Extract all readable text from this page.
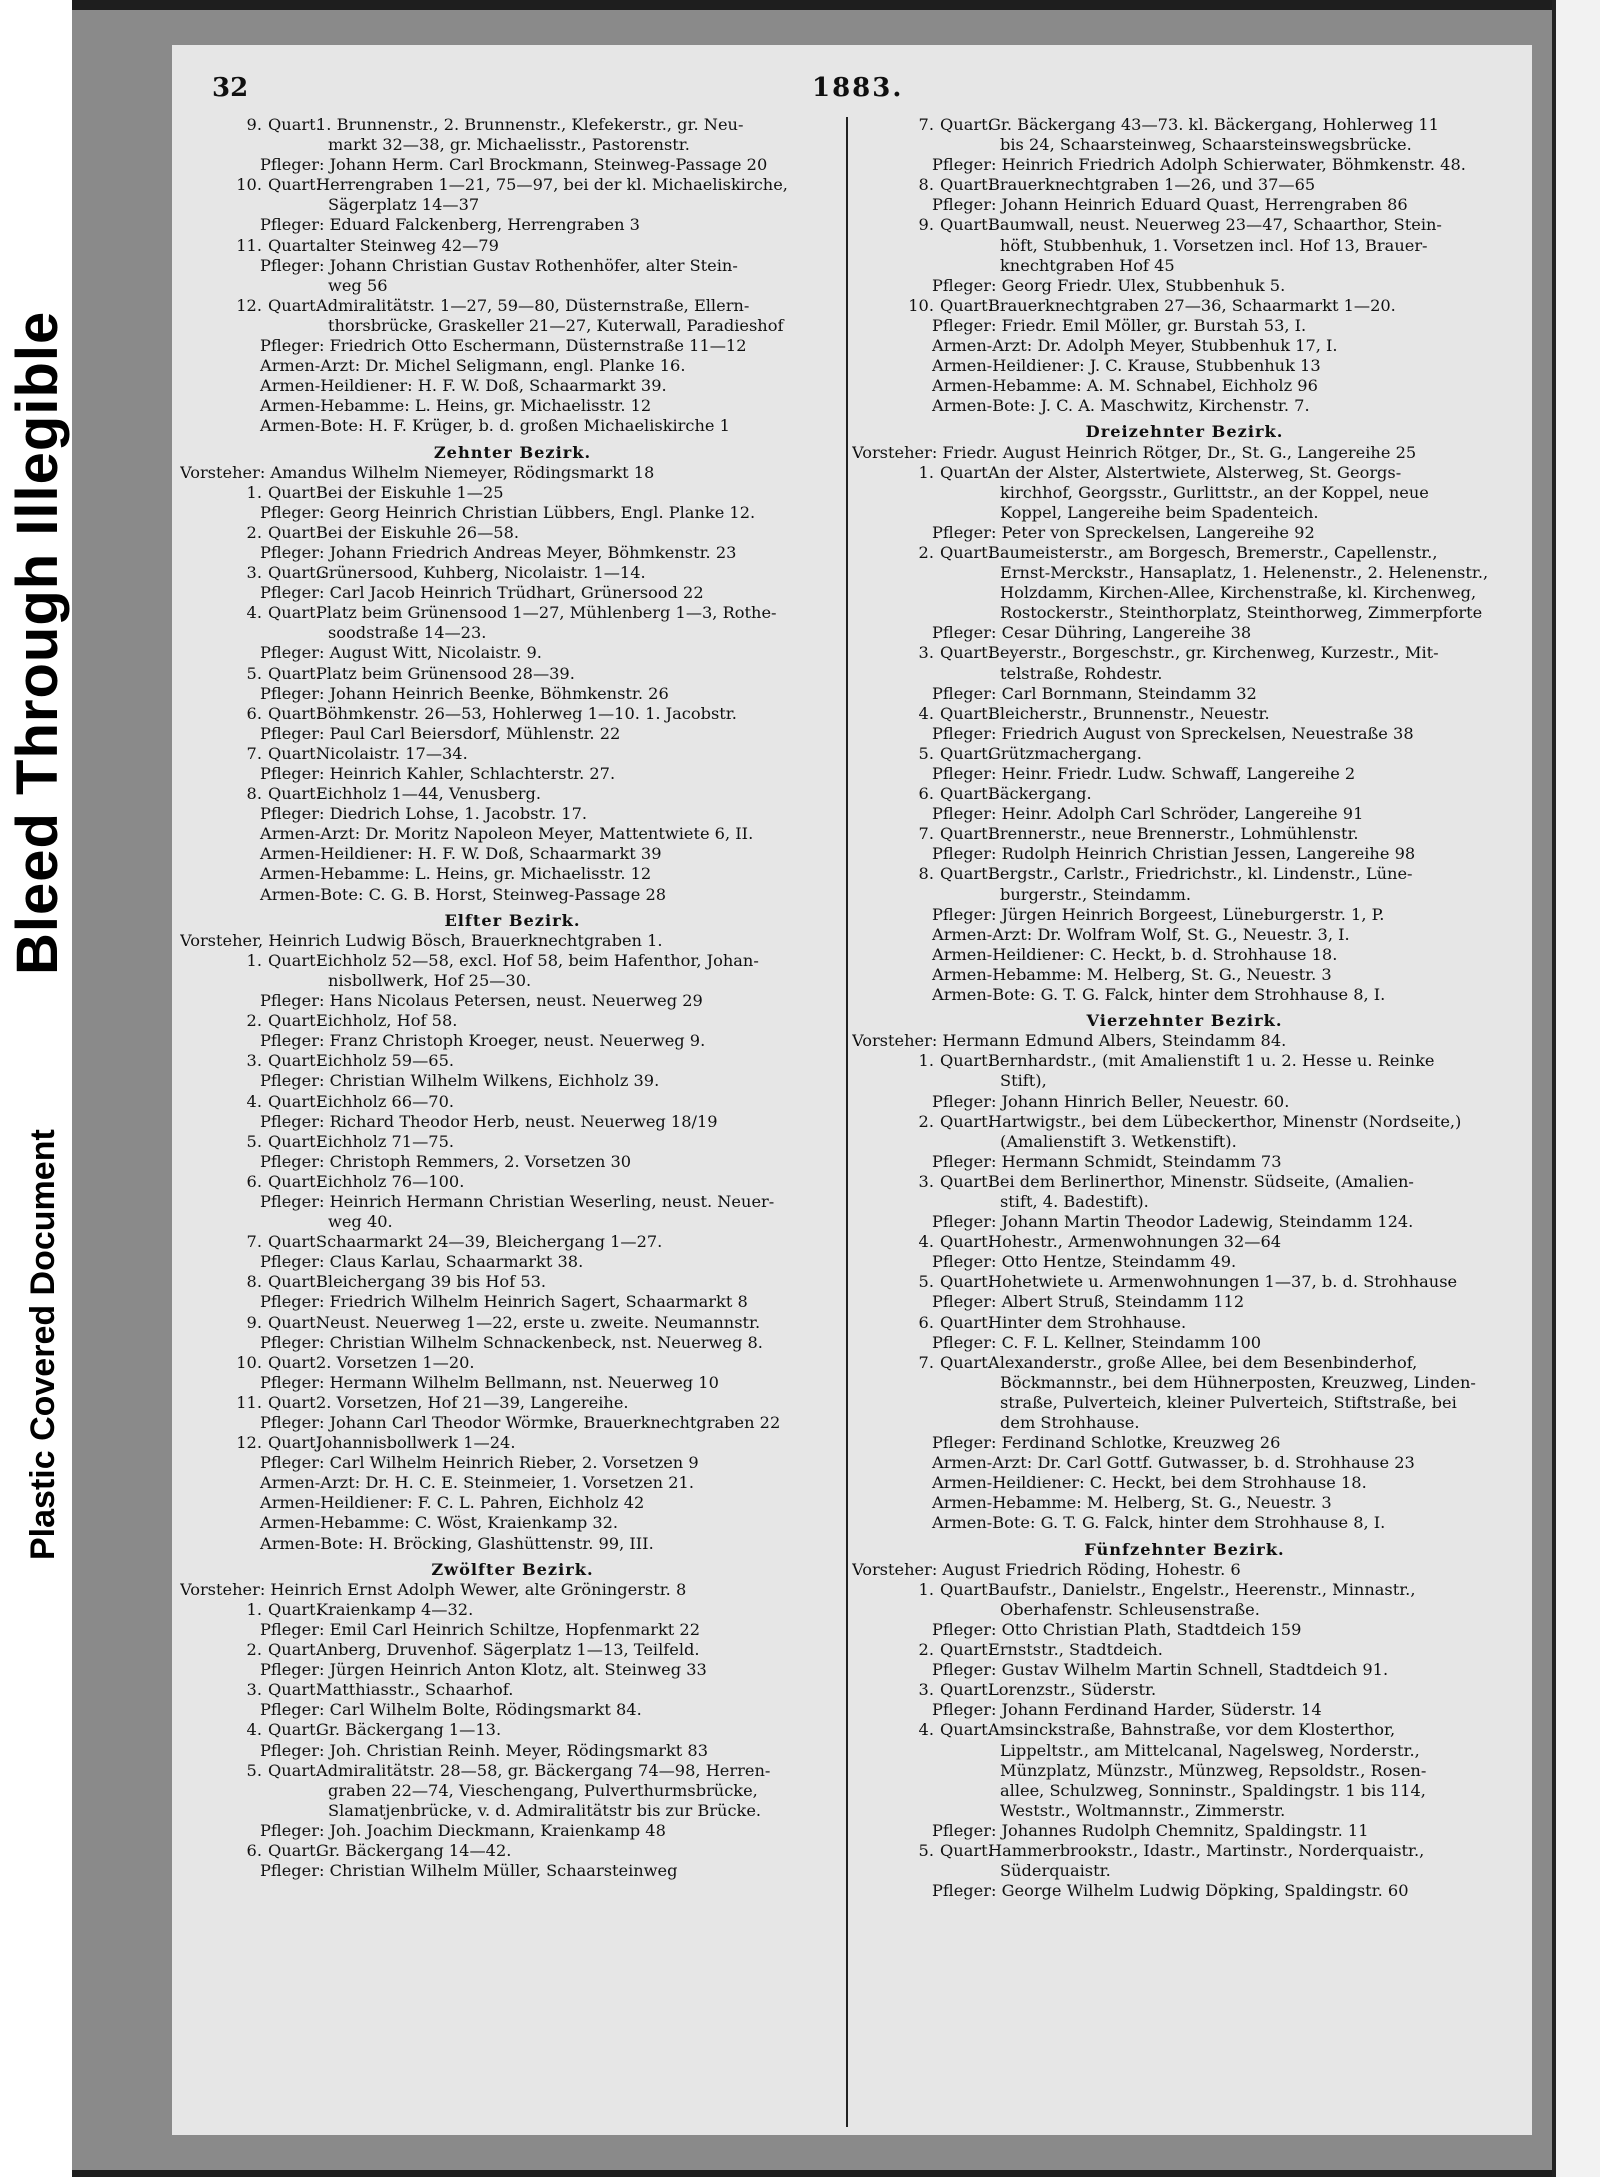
Bleed Through Illegible
Plastic Covered Document
32	1883.
9. Quart.1. Brunnenstr., 2. Brunnenstr., Klefekerstr., gr. Neu-
markt 32—38, gr. Michaelisstr., Pastorenstr.
Pfleger: Johann Herm. Carl Brockmann, Steinweg-Passage 20
10. Quart.Herrengraben 1—21, 75—97, bei der kl. Michaeliskirche,
Sägerplatz 14—37
Pfleger: Eduard Falckenberg, Herrengraben 3
11. Quart.alter Steinweg 42—79
Pfleger: Johann Christian Gustav Rothenhöfer, alter Stein-
weg 56
12. Quart.Admiralitätstr. 1—27, 59—80, Düsternstraße, Ellern-
thorsbrücke, Graskeller 21—27, Kuterwall, Paradieshof
Pfleger: Friedrich Otto Eschermann, Düsternstraße 11—12
Armen-Arzt: Dr. Michel Seligmann, engl. Planke 16.
Armen-Heildiener: H. F. W. Doß, Schaarmarkt 39.
Armen-Hebamme: L. Heins, gr. Michaelisstr. 12
Armen-Bote: H. F. Krüger, b. d. großen Michaeliskirche 1
Zehnter Bezirk.
Vorsteher: Amandus Wilhelm Niemeyer, Rödingsmarkt 18
1. Quart.Bei der Eiskuhle 1—25
Pfleger: Georg Heinrich Christian Lübbers, Engl. Planke 12.
2. Quart.Bei der Eiskuhle 26—58.
Pfleger: Johann Friedrich Andreas Meyer, Böhmkenstr. 23
3. Quart.:Grünersood, Kuhberg, Nicolaistr. 1—14.
Pfleger: Carl Jacob Heinrich Trüdhart, Grünersood 22
4. Quart.Platz beim Grünensood 1—27, Mühlenberg 1—3, Rothe-
soodstraße 14—23.
Pfleger: August Witt, Nicolaistr. 9.
5. Quart.Platz beim Grünensood 28—39.
Pfleger: Johann Heinrich Beenke, Böhmkenstr. 26
6. Quart.Böhmkenstr. 26—53, Hohlerweg 1—10. 1. Jacobstr.
Pfleger: Paul Carl Beiersdorf, Mühlenstr. 22
7. Quart.Nicolaistr. 17—34.
Pfleger: Heinrich Kahler, Schlachterstr. 27.
8. Quart.Eichholz 1—44, Venusberg.
Pfleger: Diedrich Lohse, 1. Jacobstr. 17.
Armen-Arzt: Dr. Moritz Napoleon Meyer, Mattentwiete 6, II.
Armen-Heildiener: H. F. W. Doß, Schaarmarkt 39
Armen-Hebamme: L. Heins, gr. Michaelisstr. 12
Armen-Bote: C. G. B. Horst, Steinweg-Passage 28
Elfter Bezirk.
Vorsteher, Heinrich Ludwig Bösch, Brauerknechtgraben 1.
1. Quart.Eichholz 52—58, excl. Hof 58, beim Hafenthor, Johan-
nisbollwerk, Hof 25—30.
Pfleger: Hans Nicolaus Petersen, neust. Neuerweg 29
2. Quart.Eichholz, Hof 58.
Pfleger: Franz Christoph Kroeger, neust. Neuerweg 9.
3. Quart.Eichholz 59—65.
Pfleger: Christian Wilhelm Wilkens, Eichholz 39.
4. Quart.Eichholz 66—70.
Pfleger: Richard Theodor Herb, neust. Neuerweg 18/19
5. Quart.Eichholz 71—75.
Pfleger: Christoph Remmers, 2. Vorsetzen 30
6. Quart.Eichholz 76—100.
Pfleger: Heinrich Hermann Christian Weserling, neust. Neuer-
weg 40.
7. Quart.Schaarmarkt 24—39, Bleichergang 1—27.
Pfleger: Claus Karlau, Schaarmarkt 38.
8. Quart.Bleichergang 39 bis Hof 53.
Pfleger: Friedrich Wilhelm Heinrich Sagert, Schaarmarkt 8
9. Quart.Neust. Neuerweg 1—22, erste u. zweite. Neumannstr.
Pfleger: Christian Wilhelm Schnackenbeck, nst. Neuerweg 8.
10. Quart.2. Vorsetzen 1—20.
Pfleger: Hermann Wilhelm Bellmann, nst. Neuerweg 10
11. Quart.2. Vorsetzen, Hof 21—39, Langereihe.
Pfleger: Johann Carl Theodor Wörmke, Brauerknechtgraben 22
12. Quart.Johannisbollwerk 1—24.
Pfleger: Carl Wilhelm Heinrich Rieber, 2. Vorsetzen 9
Armen-Arzt: Dr. H. C. E. Steinmeier, 1. Vorsetzen 21.
Armen-Heildiener: F. C. L. Pahren, Eichholz 42
Armen-Hebamme: C. Wöst, Kraienkamp 32.
Armen-Bote: H. Bröcking, Glashüttenstr. 99, III.
Zwölfter Bezirk.
Vorsteher: Heinrich Ernst Adolph Wewer, alte Gröningerstr. 8
1. Quart.Kraienkamp 4—32.
Pfleger: Emil Carl Heinrich Schiltze, Hopfenmarkt 22
2. Quart.Anberg, Druvenhof. Sägerplatz 1—13, Teilfeld.
Pfleger: Jürgen Heinrich Anton Klotz, alt. Steinweg 33
3. Quart.Matthiasstr., Schaarhof.
Pfleger: Carl Wilhelm Bolte, Rödingsmarkt 84.
4. Quart.Gr. Bäckergang 1—13.
Pfleger: Joh. Christian Reinh. Meyer, Rödingsmarkt 83
5. Quart.Admiralitätstr. 28—58, gr. Bäckergang 74—98, Herren-
graben 22—74, Vieschengang, Pulverthurmsbrücke,
Slamatjenbrücke, v. d. Admiralitätstr bis zur Brücke.
Pfleger: Joh. Joachim Dieckmann, Kraienkamp 48
6. Quart.Gr. Bäckergang 14—42.
Pfleger: Christian Wilhelm Müller, Schaarsteinweg
7. Quart.Gr. Bäckergang 43—73. kl. Bäckergang, Hohlerweg 11
bis 24, Schaarsteinweg, Schaarsteinswegsbrücke.
Pfleger: Heinrich Friedrich Adolph Schierwater, Böhmkenstr. 48.
8. Quart.Brauerknechtgraben 1—26, und 37—65
Pfleger: Johann Heinrich Eduard Quast, Herrengraben 86
9. Quart.Baumwall, neust. Neuerweg 23—47, Schaarthor, Stein-
höft, Stubbenhuk, 1. Vorsetzen incl. Hof 13, Brauer-
knechtgraben Hof 45
Pfleger: Georg Friedr. Ulex, Stubbenhuk 5.
10. Quart.Brauerknechtgraben 27—36, Schaarmarkt 1—20.
Pfleger: Friedr. Emil Möller, gr. Burstah 53, I.
Armen-Arzt: Dr. Adolph Meyer, Stubbenhuk 17, I.
Armen-Heildiener: J. C. Krause, Stubbenhuk 13
Armen-Hebamme: A. M. Schnabel, Eichholz 96
Armen-Bote: J. C. A. Maschwitz, Kirchenstr. 7.
Dreizehnter Bezirk.
Vorsteher: Friedr. August Heinrich Rötger, Dr., St. G., Langereihe 25
1. Quart.An der Alster, Alstertwiete, Alsterweg, St. Georgs-
kirchhof, Georgsstr., Gurlittstr., an der Koppel, neue
Koppel, Langereihe beim Spadenteich.
Pfleger: Peter von Spreckelsen, Langereihe 92
2. Quart.Baumeisterstr., am Borgesch, Bremerstr., Capellenstr.,
Ernst-Merckstr., Hansaplatz, 1. Helenenstr., 2. Helenenstr.,
Holzdamm, Kirchen-Allee, Kirchenstraße, kl. Kirchenweg,
Rostockerstr., Steinthorplatz, Steinthorweg, Zimmerpforte
Pfleger: Cesar Dühring, Langereihe 38
3. Quart.Beyerstr., Borgeschstr., gr. Kirchenweg, Kurzestr., Mit-
telstraße, Rohdestr.
Pfleger: Carl Bornmann, Steindamm 32
4. Quart.Bleicherstr., Brunnenstr., Neuestr.
Pfleger: Friedrich August von Spreckelsen, Neuestraße 38
5. Quart.Grützmachergang.
Pfleger: Heinr. Friedr. Ludw. Schwaff, Langereihe 2
6. Quart.Bäckergang.
Pfleger: Heinr. Adolph Carl Schröder, Langereihe 91
7. Quart.Brennerstr., neue Brennerstr., Lohmühlenstr.
Pfleger: Rudolph Heinrich Christian Jessen, Langereihe 98
8. Quart.Bergstr., Carlstr., Friedrichstr., kl. Lindenstr., Lüne-
burgerstr., Steindamm.
Pfleger: Jürgen Heinrich Borgeest, Lüneburgerstr. 1, P.
Armen-Arzt: Dr. Wolfram Wolf, St. G., Neuestr. 3, I.
Armen-Heildiener: C. Heckt, b. d. Strohhause 18.
Armen-Hebamme: M. Helberg, St. G., Neuestr. 3
Armen-Bote: G. T. G. Falck, hinter dem Strohhause 8, I.
Vierzehnter Bezirk.
Vorsteher: Hermann Edmund Albers, Steindamm 84.
1. Quart.Bernhardstr., (mit Amalienstift 1 u. 2. Hesse u. Reinke
Stift),
Pfleger: Johann Hinrich Beller, Neuestr. 60.
2. Quart.Hartwigstr., bei dem Lübeckerthor, Minenstr (Nordseite,)
(Amalienstift 3. Wetkenstift).
Pfleger: Hermann Schmidt, Steindamm 73
3. Quart.Bei dem Berlinerthor, Minenstr. Südseite, (Amalien-
stift, 4. Badestift).
Pfleger: Johann Martin Theodor Ladewig, Steindamm 124.
4. Quart.Hohestr., Armenwohnungen 32—64
Pfleger: Otto Hentze, Steindamm 49.
5. Quart.Hohetwiete u. Armenwohnungen 1—37, b. d. Strohhause
Pfleger: Albert Struß, Steindamm 112
6. Quart.Hinter dem Strohhause.
Pfleger: C. F. L. Kellner, Steindamm 100
7. Quart.Alexanderstr., große Allee, bei dem Besenbinderhof,
Böckmannstr., bei dem Hühnerposten, Kreuzweg, Linden-
straße, Pulverteich, kleiner Pulverteich, Stiftstraße, bei
dem Strohhause.
Pfleger: Ferdinand Schlotke, Kreuzweg 26
Armen-Arzt: Dr. Carl Gottf. Gutwasser, b. d. Strohhause 23
Armen-Heildiener: C. Heckt, bei dem Strohhause 18.
Armen-Hebamme: M. Helberg, St. G., Neuestr. 3
Armen-Bote: G. T. G. Falck, hinter dem Strohhause 8, I.
Fünfzehnter Bezirk.
Vorsteher: August Friedrich Röding, Hohestr. 6
1. Quart.Baufstr., Danielstr., Engelstr., Heerenstr., Minnastr.,
Oberhafenstr. Schleusenstraße.
Pfleger: Otto Christian Plath, Stadtdeich 159
2. Quart.Ernststr., Stadtdeich.
Pfleger: Gustav Wilhelm Martin Schnell, Stadtdeich 91.
3. Quart.Lorenzstr., Süderstr.
Pfleger: Johann Ferdinand Harder, Süderstr. 14
4. Quart.Amsinckstraße, Bahnstraße, vor dem Klosterthor,
Lippeltstr., am Mittelcanal, Nagelsweg, Norderstr.,
Münzplatz, Münzstr., Münzweg, Repsoldstr., Rosen-
allee, Schulzweg, Sonninstr., Spaldingstr. 1 bis 114,
Weststr., Woltmannstr., Zimmerstr.
Pfleger: Johannes Rudolph Chemnitz, Spaldingstr. 11
5. Quart.Hammerbrookstr., Idastr., Martinstr., Norderquaistr.,
Süderquaistr.
Pfleger: George Wilhelm Ludwig Döpking, Spaldingstr. 60
